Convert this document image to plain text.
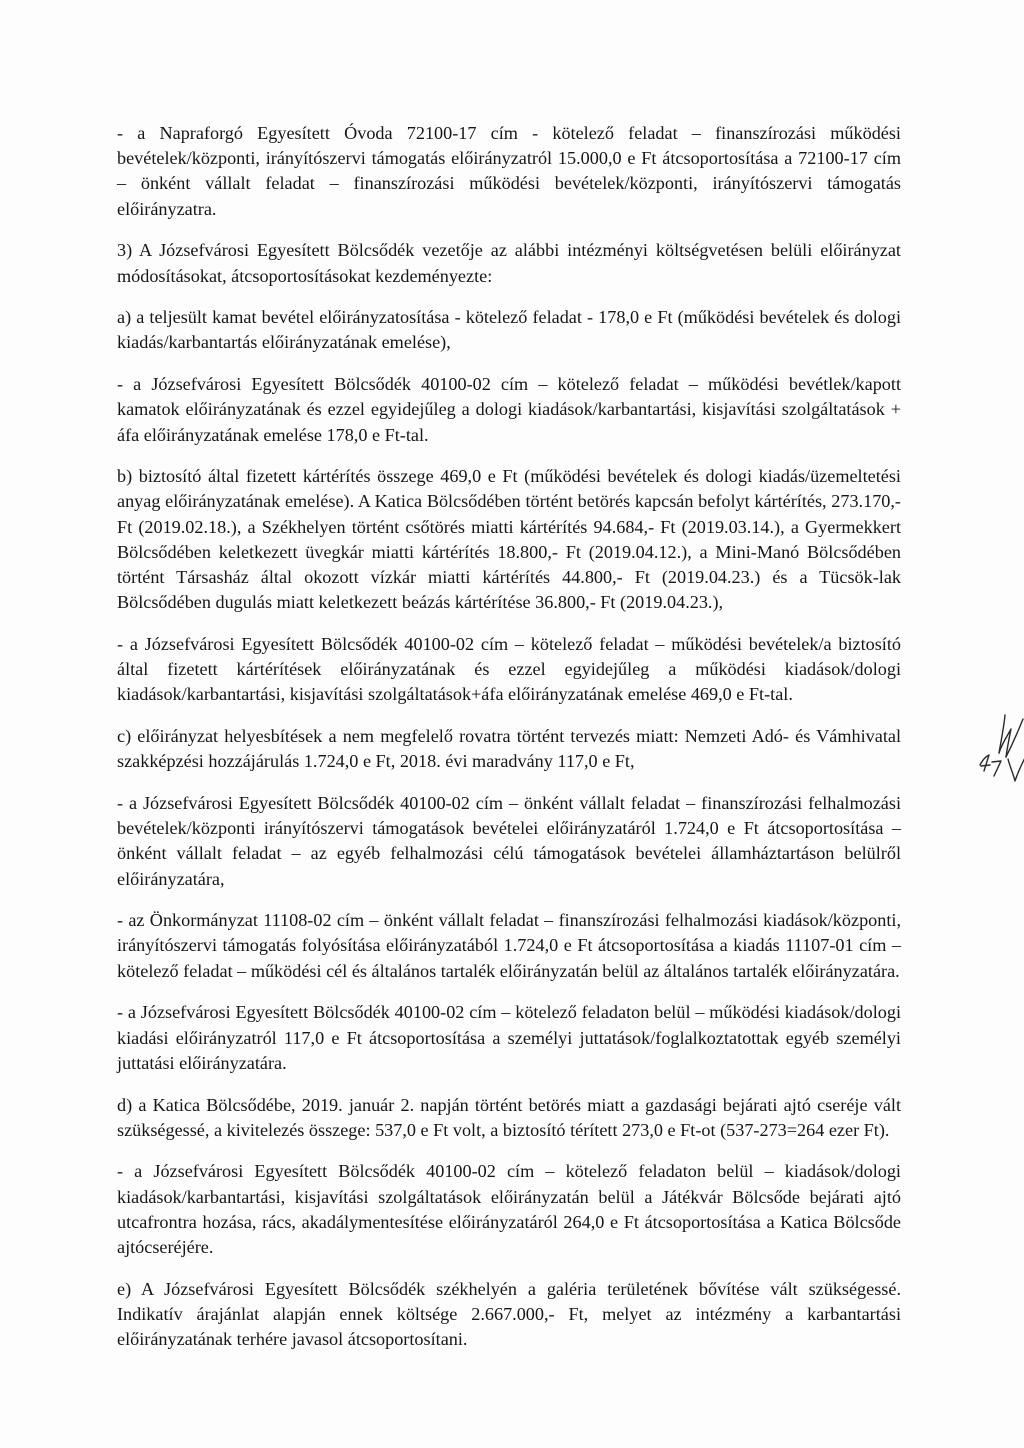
- a Napraforgó Egyesített Óvoda 72100-17 cím - kötelező feladat – finanszírozási működési bevételek/központi, irányítószervi támogatás előirányzatról 15.000,0 e Ft átcsoportosítása a 72100-17 cím – önként vállalt feladat – finanszírozási működési bevételek/központi, irányítószervi támogatás előirányzatra.

3) A Józsefvárosi Egyesített Bölcsődék vezetője az alábbi intézményi költségvetésen belüli előirányzat módosításokat, átcsoportosításokat kezdeményezte:

a) a teljesült kamat bevétel előirányzatosítása - kötelező feladat - 178,0 e Ft (működési bevételek és dologi kiadás/karbantartás előirányzatának emelése),

- a Józsefvárosi Egyesített Bölcsődék 40100-02 cím – kötelező feladat – működési bevétlek/kapott kamatok előirányzatának és ezzel egyidejűleg a dologi kiadások/karbantartási, kisjavítási szolgáltatások + áfa előirányzatának emelése 178,0 e Ft-tal.

b) biztosító által fizetett kártérítés összege 469,0 e Ft (működési bevételek és dologi kiadás/üzemeltetési anyag előirányzatának emelése). A Katica Bölcsődében történt betörés kapcsán befolyt kártérítés, 273.170,- Ft (2019.02.18.), a Székhelyen történt csőtörés miatti kártérítés 94.684,- Ft (2019.03.14.), a Gyermekkert Bölcsődében keletkezett üvegkár miatti kártérítés 18.800,- Ft (2019.04.12.), a Mini-Manó Bölcsődében történt Társasház által okozott vízkár miatti kártérítés 44.800,- Ft (2019.04.23.) és a Tücsök-lak Bölcsődében dugulás miatt keletkezett beázás kártérítése 36.800,- Ft (2019.04.23.),

- a Józsefvárosi Egyesített Bölcsődék 40100-02 cím – kötelező feladat – működési bevételek/a biztosító által fizetett kártérítések előirányzatának és ezzel egyidejűleg a működési kiadások/dologi kiadások/karbantartási, kisjavítási szolgáltatások+áfa előirányzatának emelése 469,0 e Ft-tal.

c) előirányzat helyesbítések a nem megfelelő rovatra történt tervezés miatt: Nemzeti Adó- és Vámhivatal szakképzési hozzájárulás 1.724,0 e Ft, 2018. évi maradvány 117,0 e Ft,

- a Józsefvárosi Egyesített Bölcsődék 40100-02 cím – önként vállalt feladat – finanszírozási felhalmozási bevételek/központi irányítószervi támogatások bevételei előirányzatáról 1.724,0 e Ft átcsoportosítása – önként vállalt feladat – az egyéb felhalmozási célú támogatások bevételei államháztartáson belülről előirányzatára,

- az Önkormányzat 11108-02 cím – önként vállalt feladat – finanszírozási felhalmozási kiadások/központi, irányítószervi támogatás folyósítása előirányzatából 1.724,0 e Ft átcsoportosítása a kiadás 11107-01 cím – kötelező feladat – működési cél és általános tartalék előirányzatán belül az általános tartalék előirányzatára.

- a Józsefvárosi Egyesített Bölcsődék 40100-02 cím – kötelező feladaton belül – működési kiadások/dologi kiadási előirányzatról 117,0 e Ft átcsoportosítása a személyi juttatások/foglalkoztatottak egyéb személyi juttatási előirányzatára.

d) a Katica Bölcsődébe, 2019. január 2. napján történt betörés miatt a gazdasági bejárati ajtó cseréje vált szükségessé, a kivitelezés összege: 537,0 e Ft volt, a biztosító térített 273,0 e Ft-ot (537-273=264 ezer Ft).

- a Józsefvárosi Egyesített Bölcsődék 40100-02 cím – kötelező feladaton belül – kiadások/dologi kiadások/karbantartási, kisjavítási szolgáltatások előirányzatán belül a Játékvár Bölcsőde bejárati ajtó utcafrontra hozása, rács, akadálymentesítése előirányzatáról 264,0 e Ft átcsoportosítása a Katica Bölcsőde ajtócseréjére.

e) A Józsefvárosi Egyesített Bölcsődék székhelyén a galéria területének bővítése vált szükségessé. Indikatív árajánlat alapján ennek költsége 2.667.000,- Ft, melyet az intézmény a karbantartási előirányzatának terhére javasol átcsoportosítani.
